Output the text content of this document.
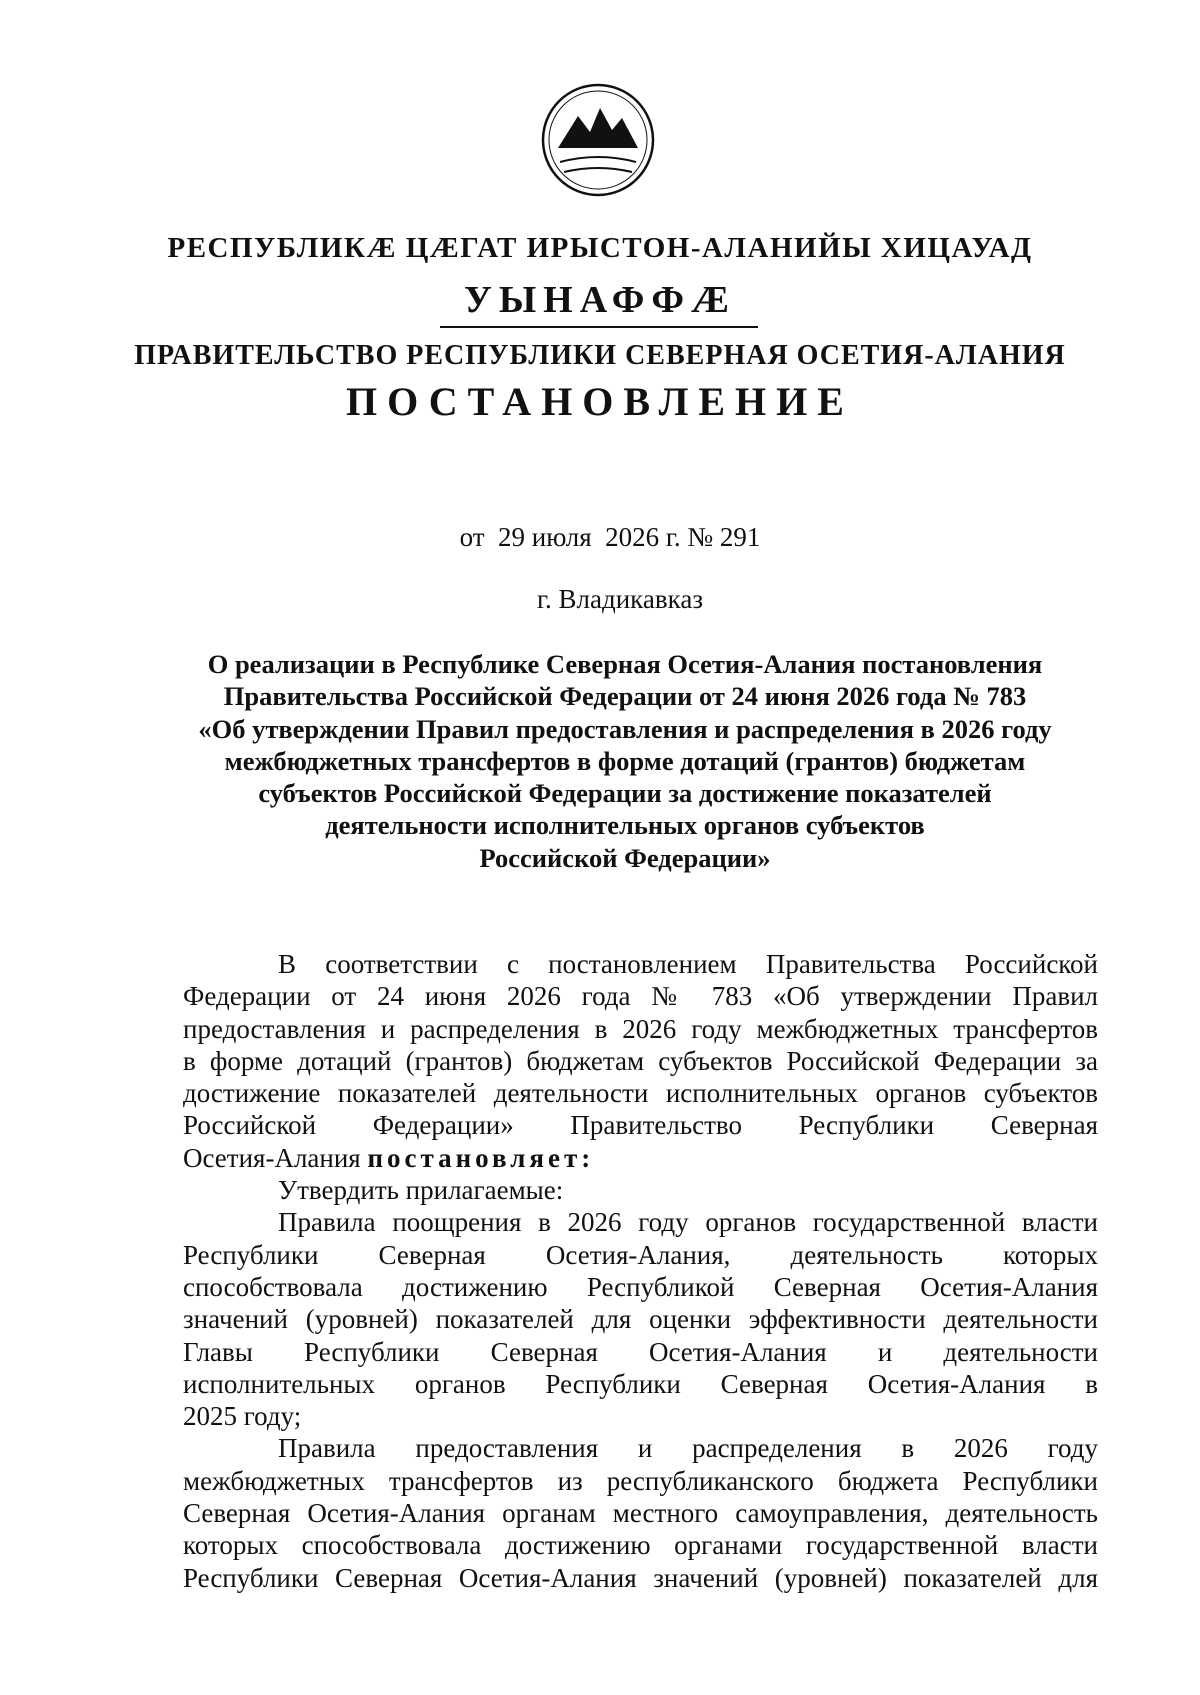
РЕСПУБЛИКÆ ЦÆГАТ ИРЫСТОН-АЛАНИЙЫ ХИЦАУАД
УЫНАФФÆ
ПРАВИТЕЛЬСТВО РЕСПУБЛИКИ СЕВЕРНАЯ ОСЕТИЯ-АЛАНИЯ
ПОСТАНОВЛЕНИЕ
от  29 июля  2026 г. № 291
г. Владикавказ
О реализации в Республике Северная Осетия-Алания постановления
Правительства Российской Федерации от 24 июня 2026 года № 783
«Об утверждении Правил предоставления и распределения в 2026 году
межбюджетных трансфертов в форме дотаций (грантов) бюджетам
субъектов Российской Федерации за достижение показателей
деятельности исполнительных органов субъектов
Российской Федерации»
В соответствии с постановлением Правительства Российской
Федерации от 24 июня 2026 года № 783 «Об утверждении Правил
предоставления и распределения в 2026 году межбюджетных трансфертов
в форме дотаций (грантов) бюджетам субъектов Российской Федерации за
достижение показателей деятельности исполнительных органов субъектов
Российской Федерации» Правительство Республики Северная
Осетия-Алания постановляет:
Утвердить прилагаемые:
Правила поощрения в 2026 году органов государственной власти
Республики Северная Осетия-Алания, деятельность которых
способствовала достижению Республикой Северная Осетия-Алания
значений (уровней) показателей для оценки эффективности деятельности
Главы Республики Северная Осетия-Алания и деятельности
исполнительных органов Республики Северная Осетия-Алания в
2025 году;
Правила предоставления и распределения в 2026 году
межбюджетных трансфертов из республиканского бюджета Республики
Северная Осетия-Алания органам местного самоуправления, деятельность
которых способствовала достижению органами государственной власти
Республики Северная Осетия-Алания значений (уровней) показателей для
